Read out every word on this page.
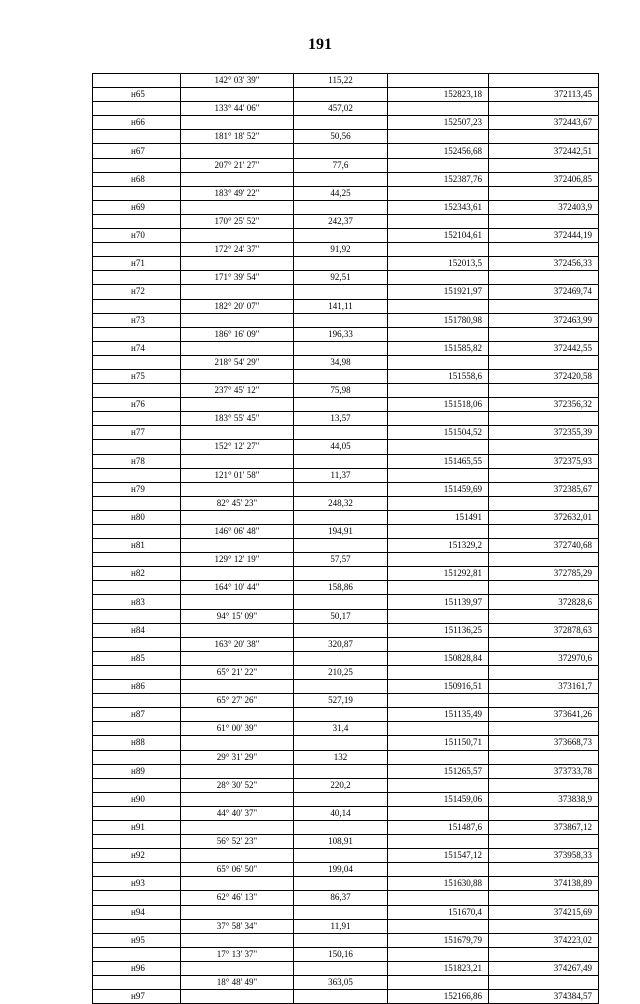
191
	142° 03' 39"	115,22		
н65			152823,18	372113,45
	133° 44' 06"	457,02		
н66			152507,23	372443,67
	181° 18' 52"	50,56		
н67			152456,68	372442,51
	207° 21' 27"	77,6		
н68			152387,76	372406,85
	183° 49' 22"	44,25		
н69			152343,61	372403,9
	170° 25' 52"	242,37		
н70			152104,61	372444,19
	172° 24' 37"	91,92		
н71			152013,5	372456,33
	171° 39' 54"	92,51		
н72			151921,97	372469,74
	182° 20' 07"	141,11		
н73			151780,98	372463,99
	186° 16' 09"	196,33		
н74			151585,82	372442,55
	218° 54' 29"	34,98		
н75			151558,6	372420,58
	237° 45' 12"	75,98		
н76			151518,06	372356,32
	183° 55' 45"	13,57		
н77			151504,52	372355,39
	152° 12' 27"	44,05		
н78			151465,55	372375,93
	121° 01' 58"	11,37		
н79			151459,69	372385,67
	82° 45' 23"	248,32		
н80			151491	372632,01
	146° 06' 48"	194,91		
н81			151329,2	372740,68
	129° 12' 19"	57,57		
н82			151292,81	372785,29
	164° 10' 44"	158,86		
н83			151139,97	372828,6
	94° 15' 09"	50,17		
н84			151136,25	372878,63
	163° 20' 38"	320,87		
н85			150828,84	372970,6
	65° 21' 22"	210,25		
н86			150916,51	373161,7
	65° 27' 26"	527,19		
н87			151135,49	373641,26
	61° 00' 39"	31,4		
н88			151150,71	373668,73
	29° 31' 29"	132		
н89			151265,57	373733,78
	28° 30' 52"	220,2		
н90			151459,06	373838,9
	44° 40' 37"	40,14		
н91			151487,6	373867,12
	56° 52' 23"	108,91		
н92			151547,12	373958,33
	65° 06' 50"	199,04		
н93			151630,88	374138,89
	62° 46' 13"	86,37		
н94			151670,4	374215,69
	37° 58' 34"	11,91		
н95			151679,79	374223,02
	17° 13' 37"	150,16		
н96			151823,21	374267,49
	18° 48' 49"	363,05		
н97			152166,86	374384,57
